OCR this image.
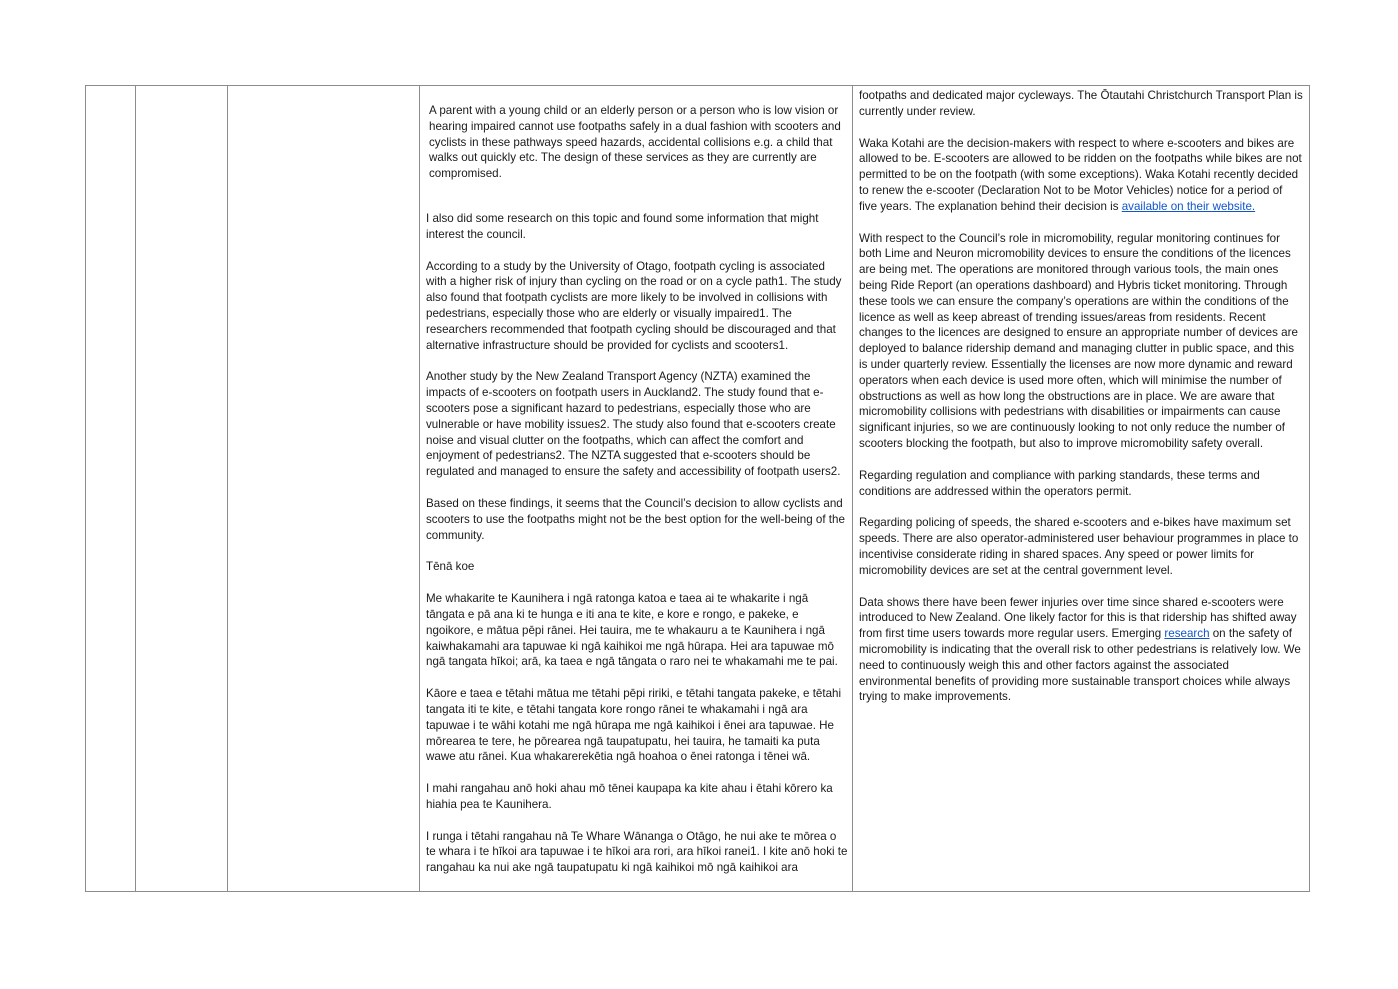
A parent with a young child or an elderly person or a person who is low vision or hearing impaired cannot use footpaths safely in a dual fashion with scooters and cyclists in these pathways speed hazards, accidental collisions e.g. a child that walks out quickly etc. The design of these services as they are currently are compromised.

I also did some research on this topic and found some information that might interest the council.

According to a study by the University of Otago, footpath cycling is associated with a higher risk of injury than cycling on the road or on a cycle path1. The study also found that footpath cyclists are more likely to be involved in collisions with pedestrians, especially those who are elderly or visually impaired1. The researchers recommended that footpath cycling should be discouraged and that alternative infrastructure should be provided for cyclists and scooters1.

Another study by the New Zealand Transport Agency (NZTA) examined the impacts of e-scooters on footpath users in Auckland2. The study found that e-scooters pose a significant hazard to pedestrians, especially those who are vulnerable or have mobility issues2. The study also found that e-scooters create noise and visual clutter on the footpaths, which can affect the comfort and enjoyment of pedestrians2. The NZTA suggested that e-scooters should be regulated and managed to ensure the safety and accessibility of footpath users2.

Based on these findings, it seems that the Council’s decision to allow cyclists and scooters to use the footpaths might not be the best option for the well-being of the community.

Tēnā koe

Me whakarite te Kaunihera i ngā ratonga katoa e taea ai te whakarite i ngā tāngata e pā ana ki te hunga e iti ana te kite, e kore e rongo, e pakeke, e ngoikore, e mātua pēpi rānei. Hei tauira, me te whakauru a te Kaunihera i ngā kaiwhakamahi ara tapuwae ki ngā kaihikoi me ngā hūrapa. Hei ara tapuwae mō ngā tangata hīkoi; arā, ka taea e ngā tāngata o raro nei te whakamahi me te pai.

Kāore e taea e tētahi mātua me tētahi pēpi ririki, e tētahi tangata pakeke, e tētahi tangata iti te kite, e tētahi tangata kore rongo rānei te whakamahi i ngā ara tapuwae i te wāhi kotahi me ngā hūrapa me ngā kaihikoi i ēnei ara tapuwae. He mōrearea te tere, he pōrearea ngā taupatupatu, hei tauira, he tamaiti ka puta wawe atu rānei. Kua whakarerekētia ngā hoahoa o ēnei ratonga i tēnei wā.

I mahi rangahau anō hoki ahau mō tēnei kaupapa ka kite ahau i ētahi kōrero ka hiahia pea te Kaunihera.

I runga i tētahi rangahau nā Te Whare Wānanga o Otāgo, he nui ake te mōrea o te whara i te hīkoi ara tapuwae i te hīkoi ara rori, ara hīkoi ranei1. I kite anō hoki te rangahau ka nui ake ngā taupatupatu ki ngā kaihikoi mō ngā kaihikoi ara

footpaths and dedicated major cycleways. The Ōtautahi Christchurch Transport Plan is currently under review.

Waka Kotahi are the decision-makers with respect to where e-scooters and bikes are allowed to be. E-scooters are allowed to be ridden on the footpaths while bikes are not permitted to be on the footpath (with some exceptions). Waka Kotahi recently decided to renew the e-scooter (Declaration Not to be Motor Vehicles) notice for a period of five years. The explanation behind their decision is available on their website.

With respect to the Council’s role in micromobility, regular monitoring continues for both Lime and Neuron micromobility devices to ensure the conditions of the licences are being met. The operations are monitored through various tools, the main ones being Ride Report (an operations dashboard) and Hybris ticket monitoring. Through these tools we can ensure the company’s operations are within the conditions of the licence as well as keep abreast of trending issues/areas from residents. Recent changes to the licences are designed to ensure an appropriate number of devices are deployed to balance ridership demand and managing clutter in public space, and this is under quarterly review. Essentially the licenses are now more dynamic and reward operators when each device is used more often, which will minimise the number of obstructions as well as how long the obstructions are in place. We are aware that micromobility collisions with pedestrians with disabilities or impairments can cause significant injuries, so we are continuously looking to not only reduce the number of scooters blocking the footpath, but also to improve micromobility safety overall.

Regarding regulation and compliance with parking standards, these terms and conditions are addressed within the operators permit.

Regarding policing of speeds, the shared e-scooters and e-bikes have maximum set speeds. There are also operator-administered user behaviour programmes in place to incentivise considerate riding in shared spaces. Any speed or power limits for micromobility devices are set at the central government level.

Data shows there have been fewer injuries over time since shared e-scooters were introduced to New Zealand. One likely factor for this is that ridership has shifted away from first time users towards more regular users. Emerging research on the safety of micromobility is indicating that the overall risk to other pedestrians is relatively low. We need to continuously weigh this and other factors against the associated environmental benefits of providing more sustainable transport choices while always trying to make improvements.
